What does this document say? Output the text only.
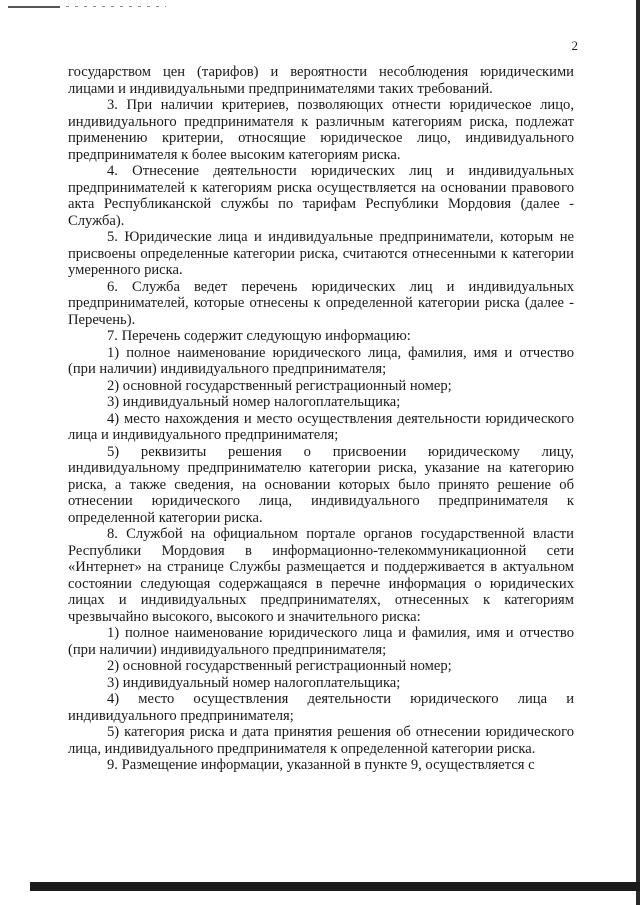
2

государством цен (тарифов) и вероятности несоблюдения юридическими лицами и индивидуальными предпринимателями таких требований.

3. При наличии критериев, позволяющих отнести юридическое лицо, индивидуального предпринимателя к различным категориям риска, подлежат применению критерии, относящие юридическое лицо, индивидуального предпринимателя к более высоким категориям риска.

4. Отнесение деятельности юридических лиц и индивидуальных предпринимателей к категориям риска осуществляется на основании правового акта Республиканской службы по тарифам Республики Мордовия (далее - Служба).

5. Юридические лица и индивидуальные предприниматели, которым не присвоены определенные категории риска, считаются отнесенными к категории умеренного риска.

6. Служба ведет перечень юридических лиц и индивидуальных предпринимателей, которые отнесены к определенной категории риска (далее - Перечень).

7. Перечень содержит следующую информацию:

1) полное наименование юридического лица, фамилия, имя и отчество (при наличии) индивидуального предпринимателя;

2) основной государственный регистрационный номер;

3) индивидуальный номер налогоплательщика;

4) место нахождения и место осуществления деятельности юридического лица и индивидуального предпринимателя;

5) реквизиты решения о присвоении юридическому лицу, индивидуальному предпринимателю категории риска, указание на категорию риска, а также сведения, на основании которых было принято решение об отнесении юридического лица, индивидуального предпринимателя к определенной категории риска.

8. Службой на официальном портале органов государственной власти Республики Мордовия в информационно-телекоммуникационной сети «Интернет» на странице Службы размещается и поддерживается в актуальном состоянии следующая содержащаяся в перечне информация о юридических лицах и индивидуальных предпринимателях, отнесенных к категориям чрезвычайно высокого, высокого и значительного риска:

1) полное наименование юридического лица и фамилия, имя и отчество (при наличии) индивидуального предпринимателя;

2) основной государственный регистрационный номер;

3) индивидуальный номер налогоплательщика;

4) место осуществления деятельности юридического лица и индивидуального предпринимателя;

5) категория риска и дата принятия решения об отнесении юридического лица, индивидуального предпринимателя к определенной категории риска.

9. Размещение информации, указанной в пункте 9, осуществляется с
